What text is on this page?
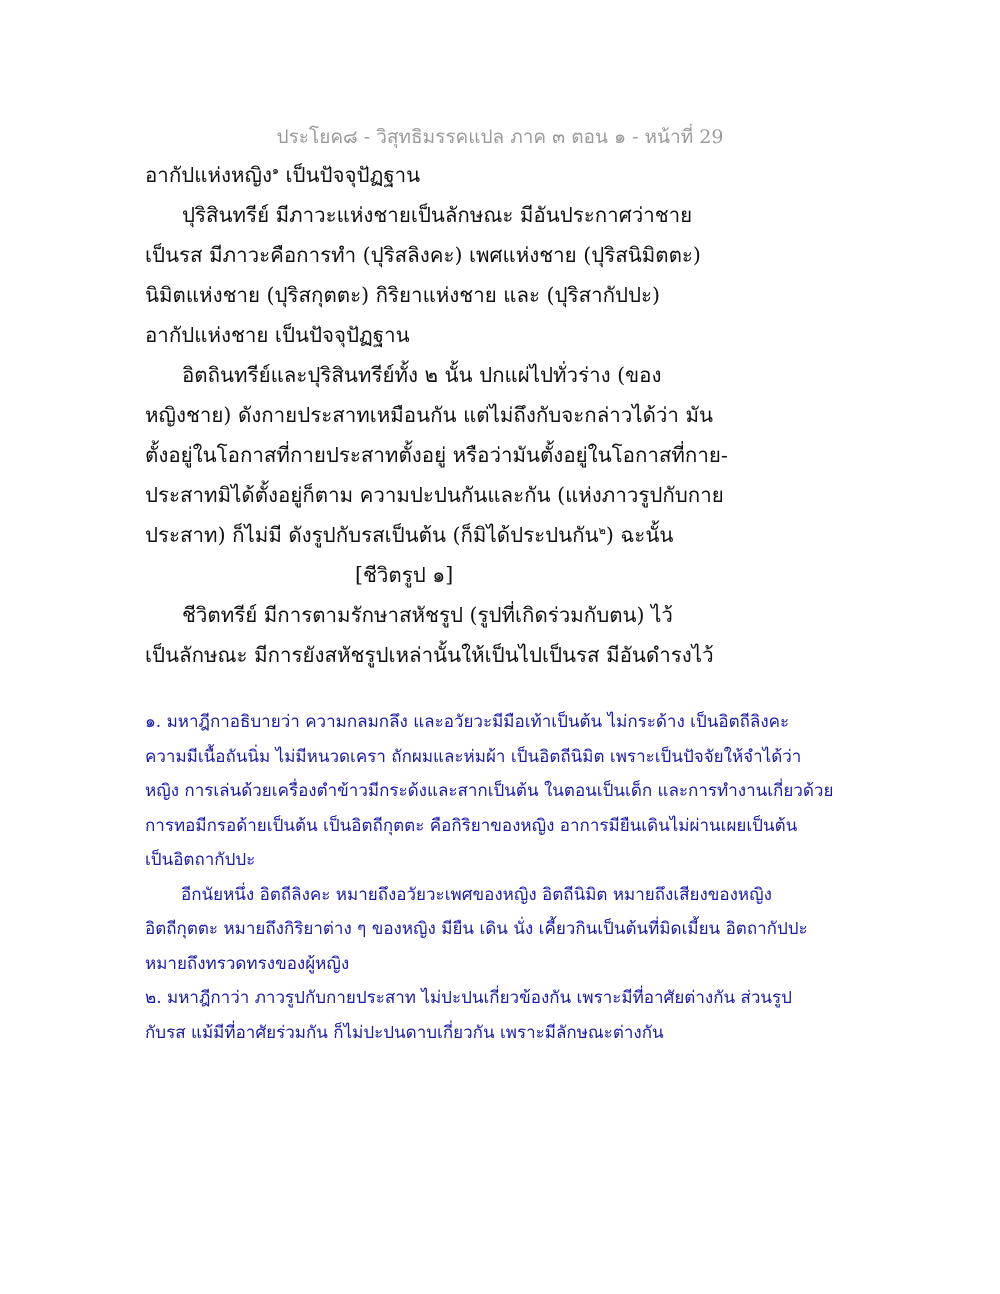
ประโยค๘ - วิสุทธิมรรคแปล ภาค ๓ ตอน ๑ - หน้าที่ 29
อากัปแห่งหญิง$^๑$ เป็นปัจจุปัฏฐาน
ปุริสินทรีย์ มีภาวะแห่งชายเป็นลักษณะ มีอันประกาศว่าชาย
เป็นรส มีภาวะคือการทำ (ปุริสลิงคะ) เพศแห่งชาย (ปุริสนิมิตตะ)
นิมิตแห่งชาย (ปุริสกุตตะ) กิริยาแห่งชาย และ (ปุริสากัปปะ)
อากัปแห่งชาย เป็นปัจจุปัฏฐาน
อิตถินทรีย์และปุริสินทรีย์ทั้ง ๒ นั้น ปกแผ่ไปทั่วร่าง (ของ
หญิงชาย) ดังกายประสาทเหมือนกัน แต่ไม่ถึงกับจะกล่าวได้ว่า มัน
ตั้งอยู่ในโอกาสที่กายประสาทตั้งอยู่ หรือว่ามันตั้งอยู่ในโอกาสที่กาย-
ประสาทมิได้ตั้งอยู่ก็ตาม ความปะปนกันและกัน (แห่งภาวรูปกับกาย
ประสาท) ก็ไม่มี ดังรูปกับรสเป็นต้น (ก็มิได้ประปนกัน$^๒$) ฉะนั้น
[ชีวิตรูป ๑]
ชีวิตทรีย์ มีการตามรักษาสหัชรูป (รูปที่เกิดร่วมกับตน) ไว้
เป็นลักษณะ มีการยังสหัชรูปเหล่านั้นให้เป็นไปเป็นรส มีอันดำรงไว้
๑. มหาฎีกาอธิบายว่า ความกลมกลึง และอวัยวะมีมือเท้าเป็นต้น ไม่กระด้าง เป็นอิตถีลิงคะ
ความมีเนื้อถันนิ่ม ไม่มีหนวดเครา ถักผมและห่มผ้า เป็นอิตถีนิมิต เพราะเป็นปัจจัยให้จำได้ว่า
หญิง การเล่นด้วยเครื่องตำข้าวมีกระด้งและสากเป็นต้น ในตอนเป็นเด็ก และการทำงานเกี่ยวด้วย
การทอมีกรอด้ายเป็นต้น เป็นอิตถีกุตตะ คือกิริยาของหญิง อาการมียืนเดินไม่ผ่านเผยเป็นต้น
เป็นอิตถากัปปะ
อีกนัยหนึ่ง อิตถีลิงคะ หมายถึงอวัยวะเพศของหญิง อิตถีนิมิต หมายถึงเสียงของหญิง
อิตถีกุตตะ หมายถึงกิริยาต่าง ๆ ของหญิง มียืน เดิน นั่ง เคี้ยวกินเป็นต้นที่มิดเมี้ยน อิตถากัปปะ
หมายถึงทรวดทรงของผู้หญิง
๒. มหาฎีกาว่า ภาวรูปกับกายประสาท ไม่ปะปนเกี่ยวข้องกัน เพราะมีที่อาศัยต่างกัน ส่วนรูป
กับรส แม้มีที่อาศัยร่วมกัน ก็ไม่ปะปนดาบเกี่ยวกัน เพราะมีลักษณะต่างกัน
